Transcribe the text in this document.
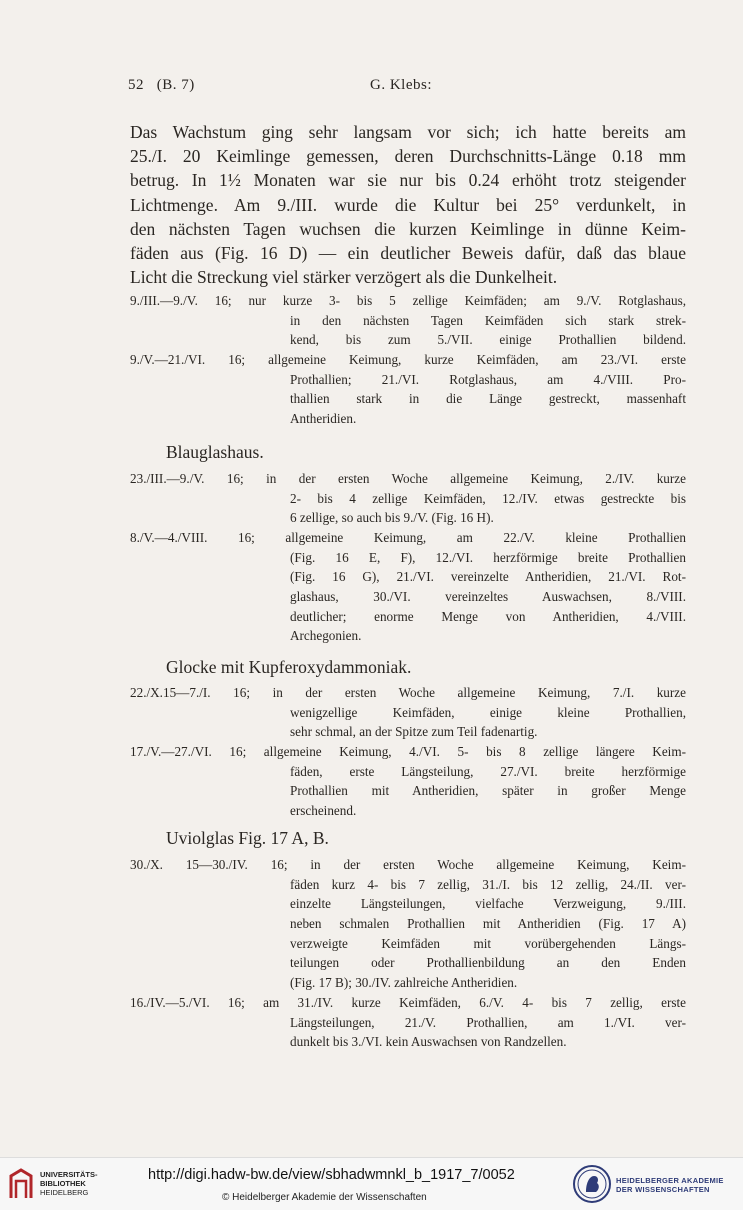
52 (B. 7)	G. Klebs:
Das Wachstum ging sehr langsam vor sich; ich hatte bereits am
25./I. 20 Keimlinge gemessen, deren Durchschnitts-Länge 0.18 mm
betrug. In 1½ Monaten war sie nur bis 0.24 erhöht trotz steigender
Lichtmenge. Am 9./III. wurde die Kultur bei 25° verdunkelt, in
den nächsten Tagen wuchsen die kurzen Keimlinge in dünne Keim-
fäden aus (Fig. 16 D) — ein deutlicher Beweis dafür, daß das blaue
Licht die Streckung viel stärker verzögert als die Dunkelheit.
9./III.—9./V. 16; nur kurze 3- bis 5 zellige Keimfäden; am 9./V. Rotglashaus,
in den nächsten Tagen Keimfäden sich stark strek-
kend, bis zum 5./VII. einige Prothallien bildend.
9./V.—21./VI. 16; allgemeine Keimung, kurze Keimfäden, am 23./VI. erste
Prothallien; 21./VI. Rotglashaus, am 4./VIII. Pro-
thallien stark in die Länge gestreckt, massenhaft
Antheridien.
Blauglashaus.
23./III.—9./V. 16; in der ersten Woche allgemeine Keimung, 2./IV. kurze
2- bis 4 zellige Keimfäden, 12./IV. etwas gestreckte bis
6 zellige, so auch bis 9./V. (Fig. 16 H).
8./V.—4./VIII. 16; allgemeine Keimung, am 22./V. kleine Prothallien
(Fig. 16 E, F), 12./VI. herzförmige breite Prothallien
(Fig. 16 G), 21./VI. vereinzelte Antheridien, 21./VI. Rot-
glashaus, 30./VI. vereinzeltes Auswachsen, 8./VIII.
deutlicher; enorme Menge von Antheridien, 4./VIII.
Archegonien.
Glocke mit Kupferoxydammoniak.
22./X.15—7./I. 16; in der ersten Woche allgemeine Keimung, 7./I. kurze
wenigzellige Keimfäden, einige kleine Prothallien,
sehr schmal, an der Spitze zum Teil fadenartig.
17./V.—27./VI. 16; allgemeine Keimung, 4./VI. 5- bis 8 zellige längere Keim-
fäden, erste Längsteilung, 27./VI. breite herzförmige
Prothallien mit Antheridien, später in großer Menge
erscheinend.
Uviolglas Fig. 17 A, B.
30./X. 15—30./IV. 16; in der ersten Woche allgemeine Keimung, Keim-
fäden kurz 4- bis 7 zellig, 31./I. bis 12 zellig, 24./II. ver-
einzelte Längsteilungen, vielfache Verzweigung, 9./III.
neben schmalen Prothallien mit Antheridien (Fig. 17 A)
verzweigte Keimfäden mit vorübergehenden Längs-
teilungen oder Prothallienbildung an den Enden
(Fig. 17 B); 30./IV. zahlreiche Antheridien.
16./IV.—5./VI. 16; am 31./IV. kurze Keimfäden, 6./V. 4- bis 7 zellig, erste
Längsteilungen, 21./V. Prothallien, am 1./VI. ver-
dunkelt bis 3./VI. kein Auswachsen von Randzellen.
UNIVERSITÄTS-
BIBLIOTHEK
HEIDELBERG
http://digi.hadw-bw.de/view/sbhadwmnkl_b_1917_7/0052
© Heidelberger Akademie der Wissenschaften
HEIDELBERGER AKADEMIE
DER WISSENSCHAFTEN
